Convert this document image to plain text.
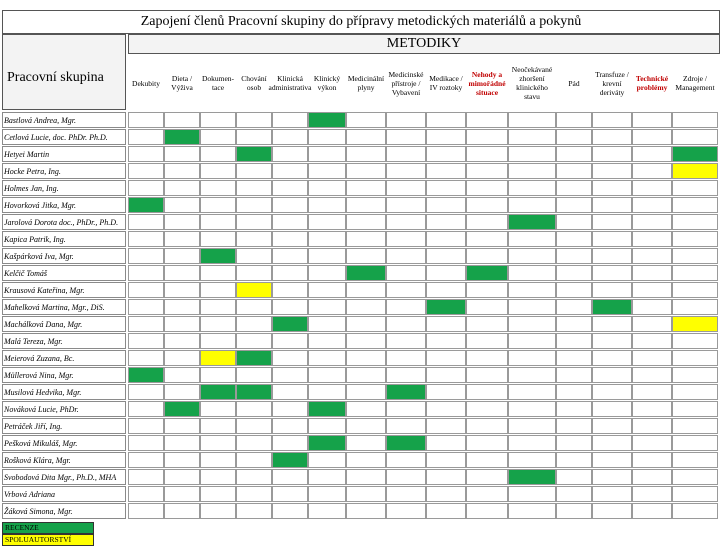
Zapojení členů Pracovní skupiny do přípravy metodických materiálů a pokynů
Pracovní skupina
METODIKY
Dekubity	Dieta / Výživa
Dokumen-tace
Chování osob
Klinická administrativa
Klinický výkon
Medicinální plyny
Medicinské přístroje / Vybavení
Medikace / IV roztoky
Nehody a mimořádné situace
Neočekávané zhoršení klinického stavu
Pád
Transfuze / krevní deriváty
Technické problémy
Zdroje / Management
Bastlová Andrea, Mgr.
Cetlová Lucie, doc. PhDr. Ph.D.
Hetyei Martin
Hocke Petra, Ing.
Holmes Jan, Ing.
Hovorková Jitka, Mgr.
Jarolová Dorota doc., PhDr., Ph.D.
Kapica Patrik, Ing.
Kašpárková Iva, Mgr.
Kelčič Tomáš
Krausová Kateřina, Mgr.
Mahelková Martina, Mgr., DiS.
Machálková Dana, Mgr.
Malá Tereza, Mgr.
Meierová Zuzana, Bc.
Müllerová Nina, Mgr.
Musilová Hedvika, Mgr.
Nováková Lucie, PhDr.
Petráček Jiří, Ing.
Pešková Mikuláš, Mgr.
Rošková Klára, Mgr.
Svobodová Dita Mgr., Ph.D., MHA
Vrbová Adriana
Žáková Simona, Mgr.
RECENZE
SPOLUAUTORSTVÍ
